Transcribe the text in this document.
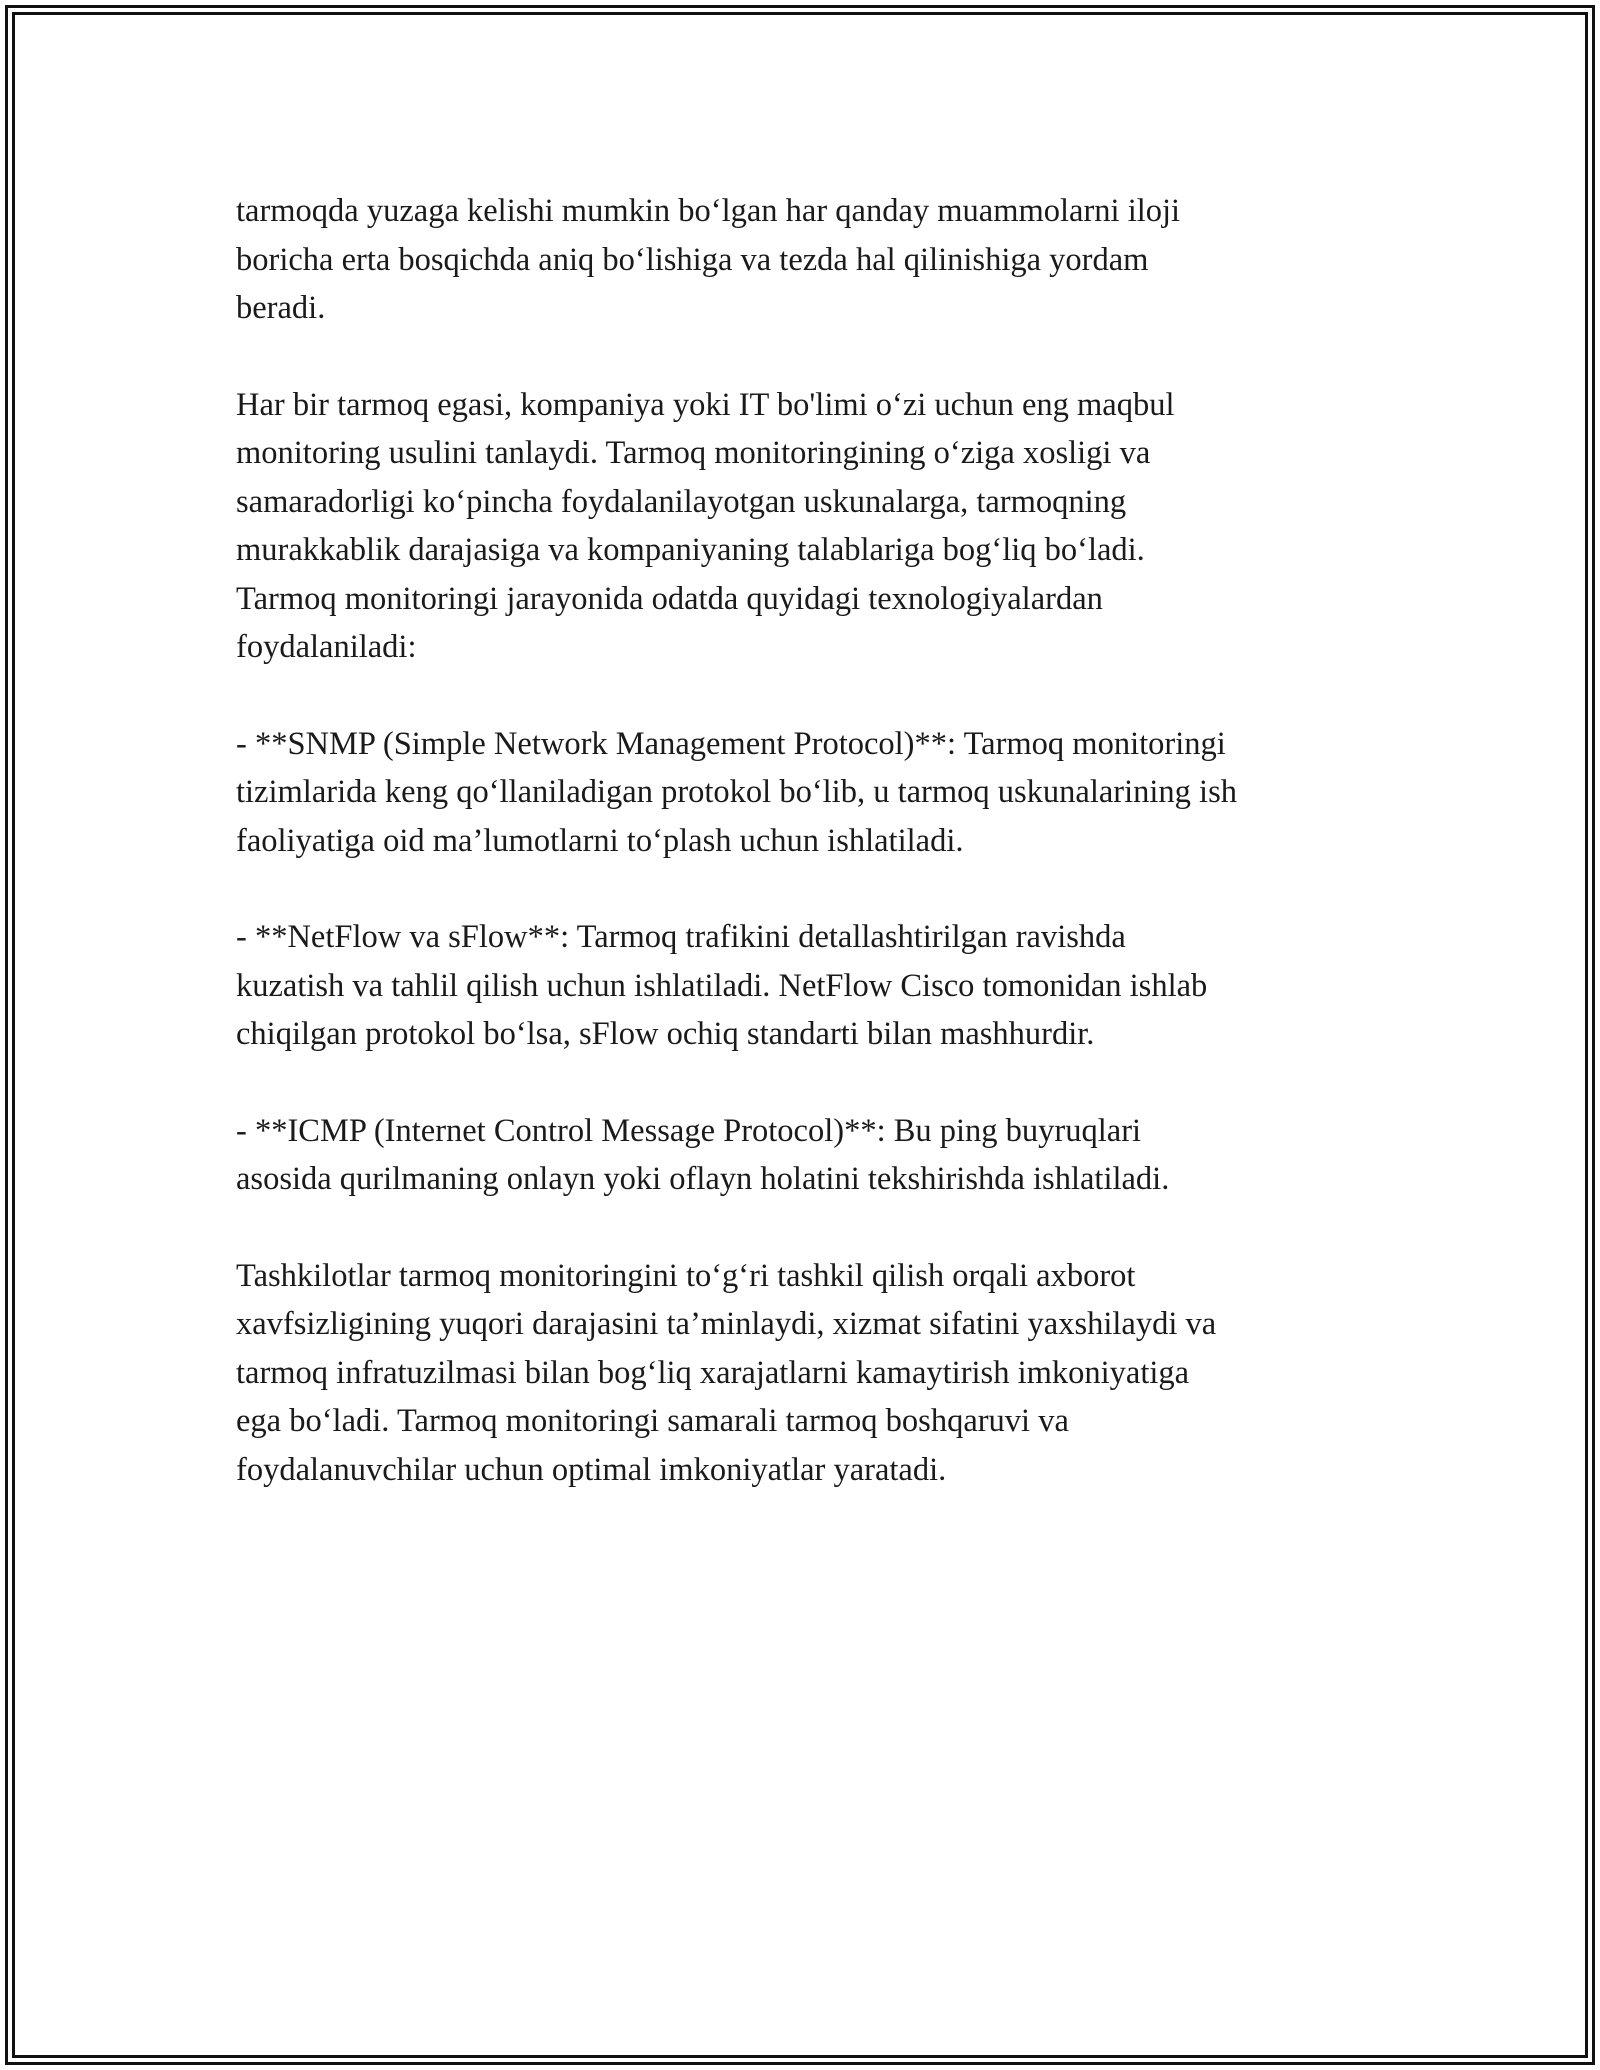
tarmoqda yuzaga kelishi mumkin bo‘lgan har qanday muammolarni iloji
boricha erta bosqichda aniq bo‘lishiga va tezda hal qilinishiga yordam
beradi.

Har bir tarmoq egasi, kompaniya yoki IT bo'limi o‘zi uchun eng maqbul
monitoring usulini tanlaydi. Tarmoq monitoringining o‘ziga xosligi va
samaradorligi ko‘pincha foydalanilayotgan uskunalarga, tarmoqning
murakkablik darajasiga va kompaniyaning talablariga bog‘liq bo‘ladi.
Tarmoq monitoringi jarayonida odatda quyidagi texnologiyalardan
foydalaniladi:

- **SNMP (Simple Network Management Protocol)**: Tarmoq monitoringi
tizimlarida keng qo‘llaniladigan protokol bo‘lib, u tarmoq uskunalarining ish
faoliyatiga oid ma’lumotlarni to‘plash uchun ishlatiladi.

- **NetFlow va sFlow**: Tarmoq trafikini detallashtirilgan ravishda
kuzatish va tahlil qilish uchun ishlatiladi. NetFlow Cisco tomonidan ishlab
chiqilgan protokol bo‘lsa, sFlow ochiq standarti bilan mashhurdir.

- **ICMP (Internet Control Message Protocol)**: Bu ping buyruqlari
asosida qurilmaning onlayn yoki oflayn holatini tekshirishda ishlatiladi.

Tashkilotlar tarmoq monitoringini to‘g‘ri tashkil qilish orqali axborot
xavfsizligining yuqori darajasini ta’minlaydi, xizmat sifatini yaxshilaydi va
tarmoq infratuzilmasi bilan bog‘liq xarajatlarni kamaytirish imkoniyatiga
ega bo‘ladi. Tarmoq monitoringi samarali tarmoq boshqaruvi va
foydalanuvchilar uchun optimal imkoniyatlar yaratadi.
